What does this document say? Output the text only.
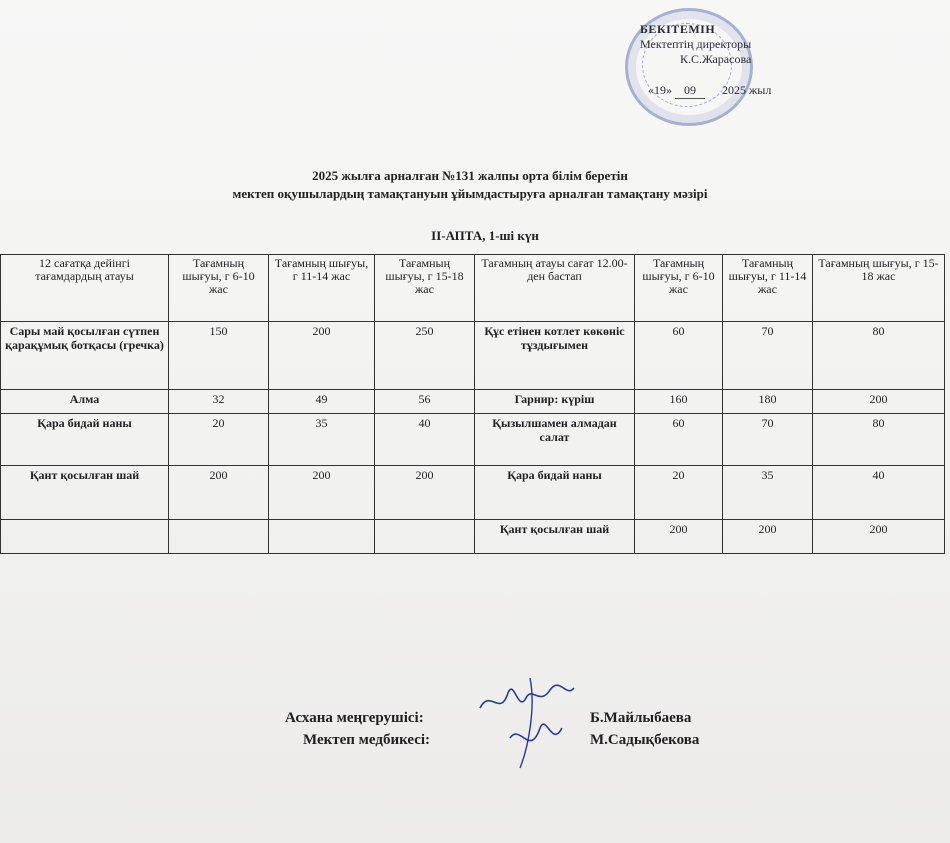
БЕКІТЕМІН
Мектептің директоры
К.С.Жарасова
«19» 09 2025 жыл
2025 жылға арналған №131 жалпы орта білім беретін
мектеп оқушылардың тамақтануын ұйымдастыруға арналған тамақтану мәзірі
II-АПТА, 1-ші күн
12 сағатқа дейінгі тағамдардың атауы	Тағамның шығуы, г 6-10 жас	Тағамның шығуы, г 11-14 жас	Тағамның шығуы, г 15-18 жас	Тағамның атауы сағат 12.00-ден бастап	Тағамның шығуы, г 6-10 жас	Тағамның шығуы, г 11-14 жас	Тағамның шығуы, г 15-18 жас
Сары май қосылған сүтпен қарақұмық ботқасы (гречка)	150	200	250	Құс етінен котлет көкөніс тұздығымен	60	70	80
Алма	32	49	56	Гарнир: күріш	160	180	200
Қара бидай наны	20	35	40	Қызылшамен алмадан салат	60	70	80
Қант қосылған шай	200	200	200	Қара бидай наны	20	35	40
				Қант қосылған шай	200	200	200
Асхана меңгерушісі:	Б.Майлыбаева
Мектеп медбикесі:	М.Садықбекова
